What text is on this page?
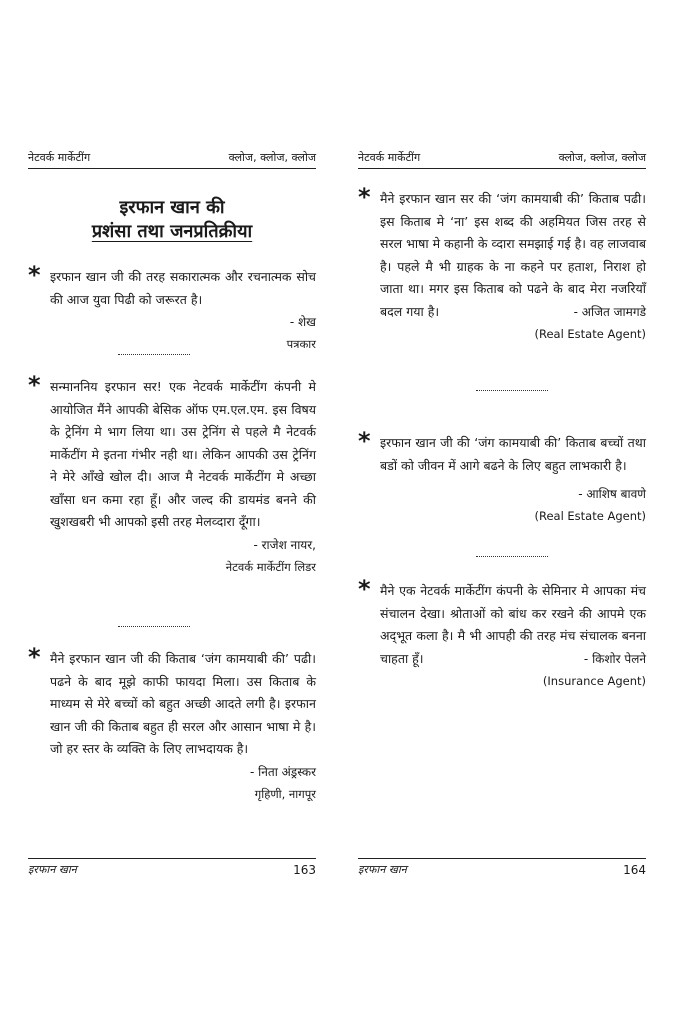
नेटवर्क मार्केटींग	क्लोज, क्लोज, क्लोज
इरफान खान की
प्रशंसा तथा जनप्रतिक्रीया
* इरफान खान जी की तरह सकारात्मक और रचनात्मक सोच की आज युवा पिढी को जरूरत है।
- शेख
पत्रकार
* सन्माननिय इरफान सर! एक नेटवर्क मार्केटींग कंपनी मे आयोजित मैंने आपकी बेसिक ऑफ एम.एल.एम. इस विषय के ट्रेनिंग मे भाग लिया था। उस ट्रेनिंग से पहले मै नेटवर्क मार्केटींग मे इतना गंभीर नही था। लेकिन आपकी उस ट्रेनिंग ने मेरे आँखे खोल दी। आज मै नेटवर्क मार्केटींग मे अच्छा खाँसा धन कमा रहा हूँ। और जल्द की डायमंड बनने की खुशखबरी भी आपको इसी तरह मेलव्दारा दूँगा।
- राजेश नायर,
नेटवर्क मार्केटींग लिडर
* मैने इरफान खान जी की किताब ‘जंग कामयाबी की’ पढी। पढने के बाद मूझे काफी फायदा मिला। उस किताब के माध्यम से मेरे बच्चों को बहुत अच्छी आदते लगी है। इरफान खान जी की किताब बहुत ही सरल और आसान भाषा मे है। जो हर स्तर के व्यक्ति के लिए लाभदायक है।
- निता अंड्रस्कर
गृहिणी, नागपूर
इरफान खान	163
नेटवर्क मार्केटींग	क्लोज, क्लोज, क्लोज
* मैने इरफान खान सर की ‘जंग कामयाबी की’ किताब पढी। इस किताब मे ‘ना’ इस शब्द की अहमियत जिस तरह से सरल भाषा मे कहानी के व्दारा समझाई गई है। वह लाजवाब है। पहले मै भी ग्राहक के ना कहने पर हताश, निराश हो जाता था। मगर इस किताब को पढने के बाद मेरा नजरियाँ बदल गया है।	- अजित जामगडे
(Real Estate Agent)
* इरफान खान जी की ‘जंग कामयाबी की’ किताब बच्चों तथा बडों को जीवन में आगे बढने के लिए बहुत लाभकारी है।
- आशिष बावणे
(Real Estate Agent)
* मैने एक नेटवर्क मार्केटींग कंपनी के सेमिनार मे आपका मंच संचालन देखा। श्रोताओं को बांध कर रखने की आपमे एक अद्‌भूत कला है। मै भी आपही की तरह मंच संचालक बनना चाहता हूँ।	- किशोर पेलने
(Insurance Agent)
इरफान खान	164
